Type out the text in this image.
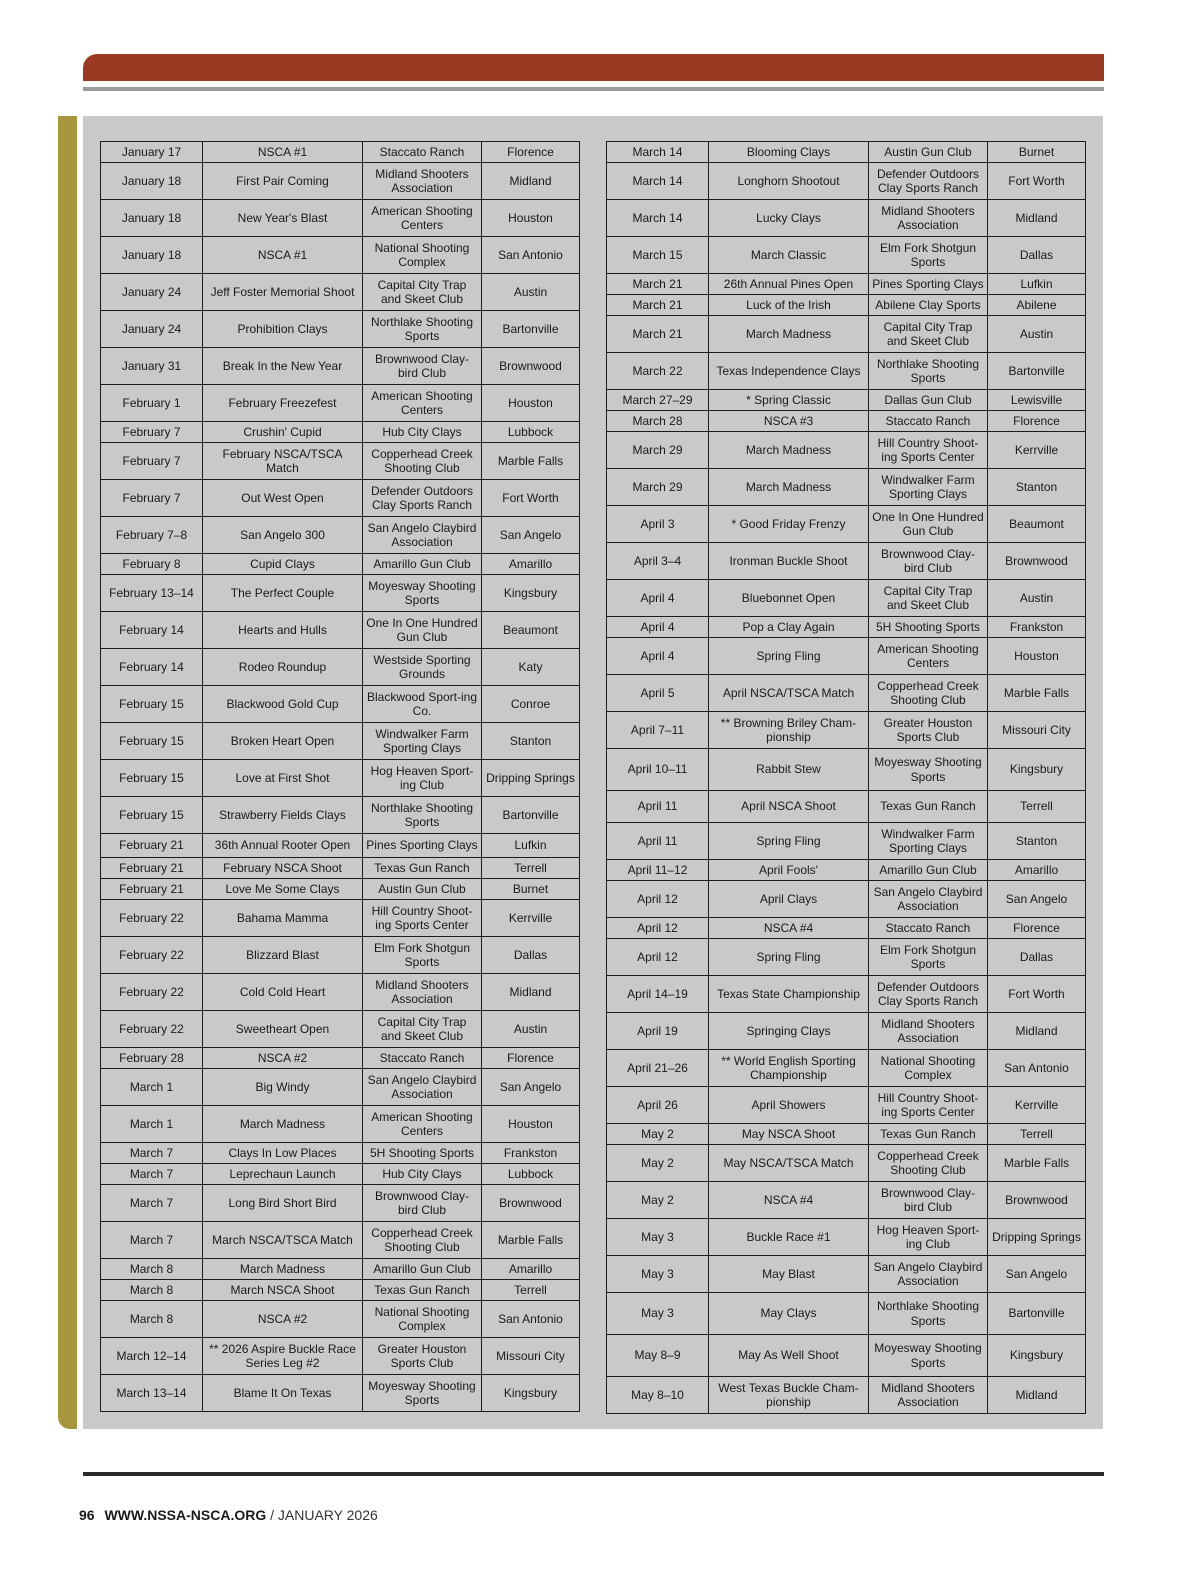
January 17	NSCA #1	Staccato Ranch	Florence
January 18	First Pair Coming	Midland Shooters Association	Midland
January 18	New Year's Blast	American Shooting Centers	Houston
January 18	NSCA #1	National Shooting Complex	San Antonio
January 24	Jeff Foster Memorial Shoot	Capital City Trap and Skeet Club	Austin
January 24	Prohibition Clays	Northlake Shooting Sports	Bartonville
January 31	Break In the New Year	Brownwood Clay-bird Club	Brownwood
February 1	February Freezefest	American Shooting Centers	Houston
February 7	Crushin' Cupid	Hub City Clays	Lubbock
February 7	February NSCA/TSCA Match	Copperhead Creek Shooting Club	Marble Falls
February 7	Out West Open	Defender Outdoors Clay Sports Ranch	Fort Worth
February 7–8	San Angelo 300	San Angelo Claybird Association	San Angelo
February 8	Cupid Clays	Amarillo Gun Club	Amarillo
February 13–14	The Perfect Couple	Moyesway Shooting Sports	Kingsbury
February 14	Hearts and Hulls	One In One Hundred Gun Club	Beaumont
February 14	Rodeo Roundup	Westside Sporting Grounds	Katy
February 15	Blackwood Gold Cup	Blackwood Sport-ing Co.	Conroe
February 15	Broken Heart Open	Windwalker Farm Sporting Clays	Stanton
February 15	Love at First Shot	Hog Heaven Sport-ing Club	Dripping Springs
February 15	Strawberry Fields Clays	Northlake Shooting Sports	Bartonville
February 21	36th Annual Rooter Open	Pines Sporting Clays	Lufkin
February 21	February NSCA Shoot	Texas Gun Ranch	Terrell
February 21	Love Me Some Clays	Austin Gun Club	Burnet
February 22	Bahama Mamma	Hill Country Shoot-ing Sports Center	Kerrville
February 22	Blizzard Blast	Elm Fork Shotgun Sports	Dallas
February 22	Cold Cold Heart	Midland Shooters Association	Midland
February 22	Sweetheart Open	Capital City Trap and Skeet Club	Austin
February 28	NSCA #2	Staccato Ranch	Florence
March 1	Big Windy	San Angelo Claybird Association	San Angelo
March 1	March Madness	American Shooting Centers	Houston
March 7	Clays In Low Places	5H Shooting Sports	Frankston
March 7	Leprechaun Launch	Hub City Clays	Lubbock
March 7	Long Bird Short Bird	Brownwood Clay-bird Club	Brownwood
March 7	March NSCA/TSCA Match	Copperhead Creek Shooting Club	Marble Falls
March 8	March Madness	Amarillo Gun Club	Amarillo
March 8	March NSCA Shoot	Texas Gun Ranch	Terrell
March 8	NSCA #2	National Shooting Complex	San Antonio
March 12–14	** 2026 Aspire Buckle Race Series Leg #2	Greater Houston Sports Club	Missouri City
March 13–14	Blame It On Texas	Moyesway Shooting Sports	Kingsbury
March 14	Blooming Clays	Austin Gun Club	Burnet
March 14	Longhorn Shootout	Defender Outdoors Clay Sports Ranch	Fort Worth
March 14	Lucky Clays	Midland Shooters Association	Midland
March 15	March Classic	Elm Fork Shotgun Sports	Dallas
March 21	26th Annual Pines Open	Pines Sporting Clays	Lufkin
March 21	Luck of the Irish	Abilene Clay Sports	Abilene
March 21	March Madness	Capital City Trap and Skeet Club	Austin
March 22	Texas Independence Clays	Northlake Shooting Sports	Bartonville
March 27–29	* Spring Classic	Dallas Gun Club	Lewisville
March 28	NSCA #3	Staccato Ranch	Florence
March 29	March Madness	Hill Country Shoot-ing Sports Center	Kerrville
March 29	March Madness	Windwalker Farm Sporting Clays	Stanton
April 3	* Good Friday Frenzy	One In One Hundred Gun Club	Beaumont
April 3–4	Ironman Buckle Shoot	Brownwood Clay-bird Club	Brownwood
April 4	Bluebonnet Open	Capital City Trap and Skeet Club	Austin
April 4	Pop a Clay Again	5H Shooting Sports	Frankston
April 4	Spring Fling	American Shooting Centers	Houston
April 5	April NSCA/TSCA Match	Copperhead Creek Shooting Club	Marble Falls
April 7–11	** Browning Briley Cham-pionship	Greater Houston Sports Club	Missouri City
April 10–11	Rabbit Stew	Moyesway Shooting Sports	Kingsbury
April 11	April NSCA Shoot	Texas Gun Ranch	Terrell
April 11	Spring Fling	Windwalker Farm Sporting Clays	Stanton
April 11–12	April Fools'	Amarillo Gun Club	Amarillo
April 12	April Clays	San Angelo Claybird Association	San Angelo
April 12	NSCA #4	Staccato Ranch	Florence
April 12	Spring Fling	Elm Fork Shotgun Sports	Dallas
April 14–19	Texas State Championship	Defender Outdoors Clay Sports Ranch	Fort Worth
April 19	Springing Clays	Midland Shooters Association	Midland
April 21–26	** World English Sporting Championship	National Shooting Complex	San Antonio
April 26	April Showers	Hill Country Shoot-ing Sports Center	Kerrville
May 2	May NSCA Shoot	Texas Gun Ranch	Terrell
May 2	May NSCA/TSCA Match	Copperhead Creek Shooting Club	Marble Falls
May 2	NSCA #4	Brownwood Clay-bird Club	Brownwood
May 3	Buckle Race #1	Hog Heaven Sport-ing Club	Dripping Springs
May 3	May Blast	San Angelo Claybird Association	San Angelo
May 3	May Clays	Northlake Shooting Sports	Bartonville
May 8–9	May As Well Shoot	Moyesway Shooting Sports	Kingsbury
May 8–10	West Texas Buckle Cham-pionship	Midland Shooters Association	Midland
96 WWW.NSSA-NSCA.ORG / JANUARY 2026
